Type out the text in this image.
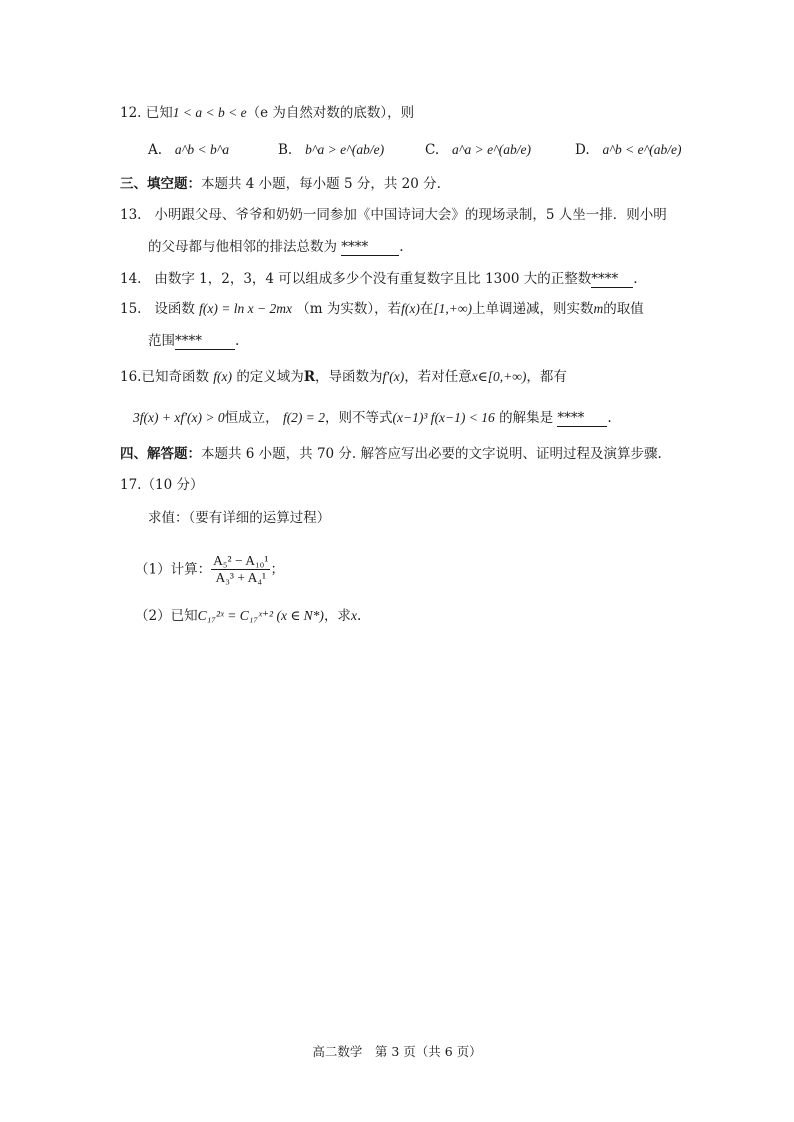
12. 已知1 < a < b < e（e 为自然对数的底数），则
A. a^b < b^a	B. b^a > e^(ab/e)	C. a^a > e^(ab/e)	D. a^b < e^(ab/e)
三、填空题：本题共 4 小题，每小题 5 分，共 20 分.
13. 小明跟父母、爷爷和奶奶一同参加《中国诗词大会》的现场录制，5 人坐一排．则小明
的父母都与他相邻的排法总数为 **** .
14. 由数字 1，2，3，4 可以组成多少个没有重复数字且比 1300 大的正整数**** .
15. 设函数 f(x) = ln x − 2mx （m 为实数），若f(x)在[1,+∞)上单调递减，则实数m的取值
范围**** .
16.已知奇函数 f(x) 的定义域为R，导函数为f′(x)，若对任意x∈[0,+∞)，都有
3f(x) + xf′(x) > 0恒成立， f(2) = 2，则不等式(x−1)³ f(x−1) < 16 的解集是 **** .
四、解答题：本题共 6 小题，共 70 分. 解答应写出必要的文字说明、证明过程及演算步骤.
17.（10 分）
求值：（要有详细的运算过程）
（1）计算： $\frac{\text{A₅² − A₁₀¹}}{\text{A₃³ + A₄¹}}$ ；
（2）已知C₁₇²ˣ = C₁₇ˣ⁺² (x ∈ N*)，求x.
高二数学　第 3 页（共 6 页）
